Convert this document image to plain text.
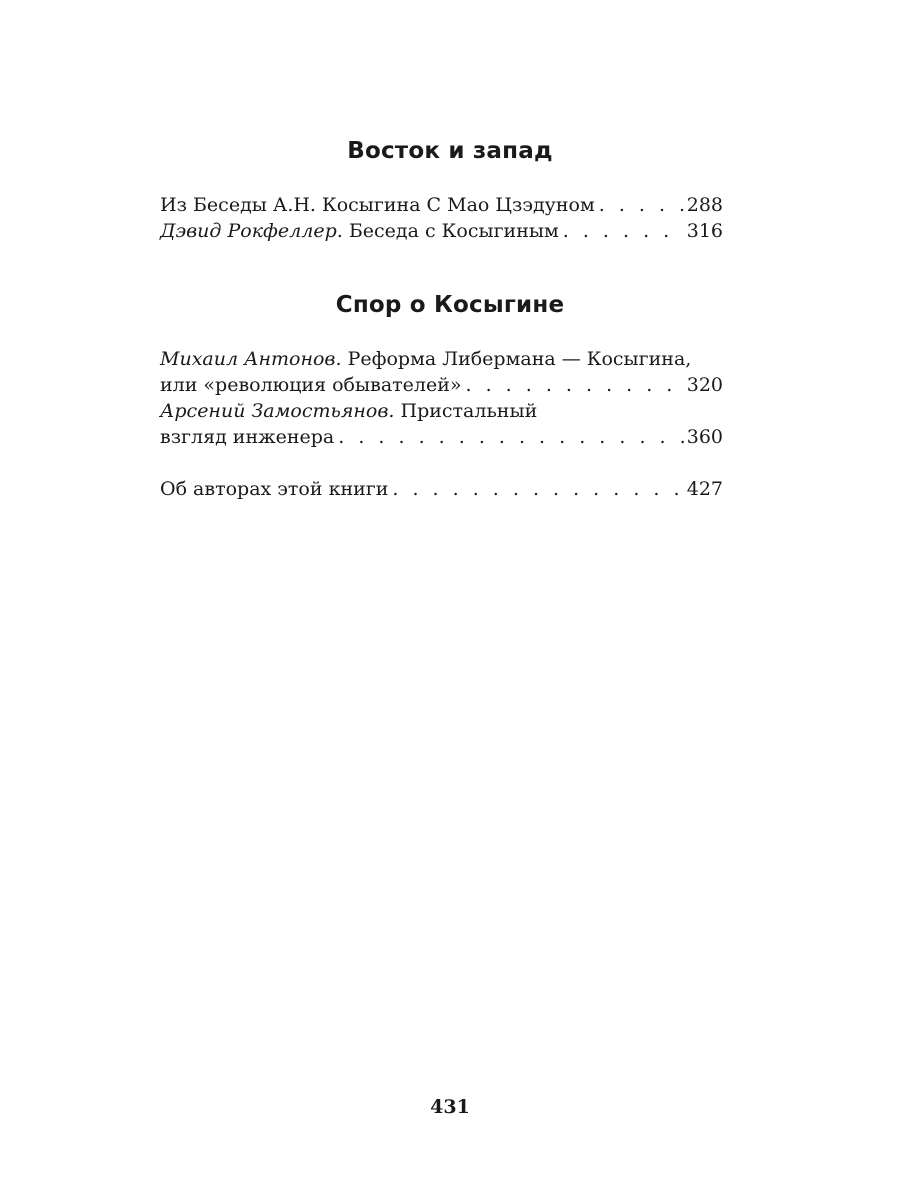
Восток и запад
Из Беседы А.Н. Косыгина С Мао Цзэдуном . . .	288
Дэвид Рокфеллер. Беседа с Косыгиным . . .	316
Спор о Косыгине
Михаил Антонов. Реформа Либермана — Косыгина,
или «революция обывателей» . . .	320
Арсений Замостьянов. Пристальный
взгляд инженера . . .	360
Об авторах этой книги . . .	427
431
